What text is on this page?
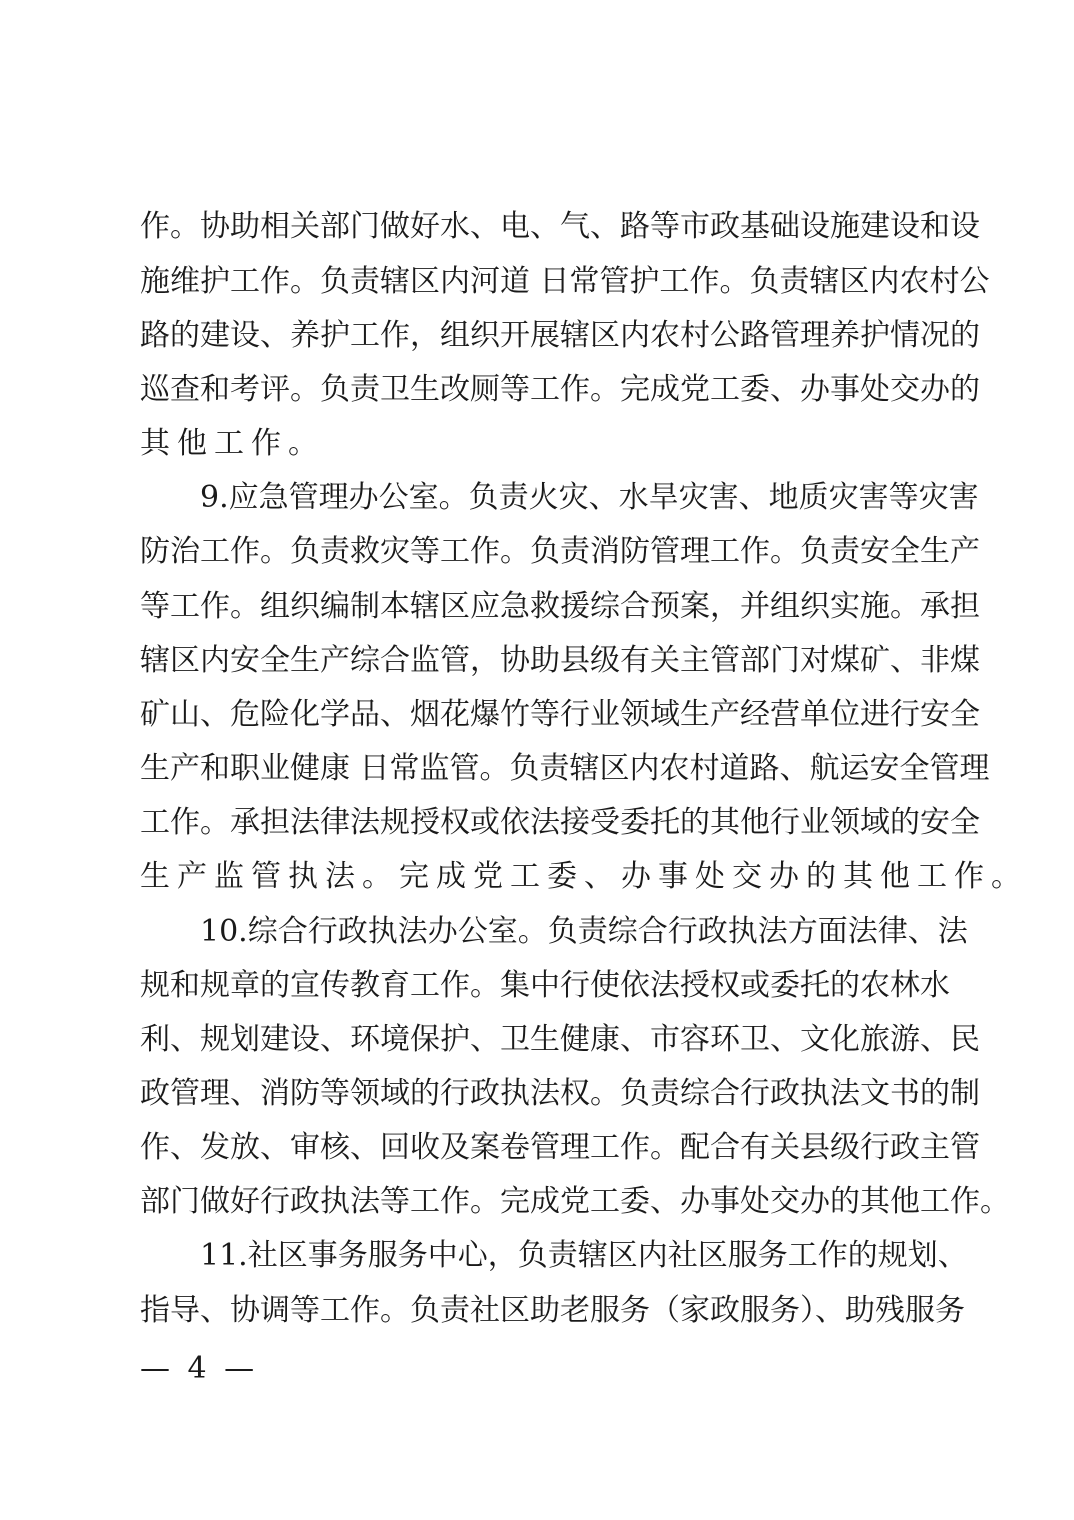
作。协助相关部门做好水、电、气、路等市政基础设施建设和设
施维护工作。负责辖区内河道 日常管护工作。负责辖区内农村公
路的建设、养护工作，组织开展辖区内农村公路管理养护情况的
巡查和考评。负责卫生改厕等工作。完成党工委、办事处交办的
其他工作。
9.应急管理办公室。负责火灾、水旱灾害、地质灾害等灾害
防治工作。负责救灾等工作。负责消防管理工作。负责安全生产
等工作。组织编制本辖区应急救援综合预案，并组织实施。承担
辖区内安全生产综合监管，协助县级有关主管部门对煤矿、非煤
矿山、危险化学品、烟花爆竹等行业领域生产经营单位进行安全
生产和职业健康 日常监管。负责辖区内农村道路、航运安全管理
工作。承担法律法规授权或依法接受委托的其他行业领域的安全
生产监管执法。完成党工委、办事处交办的其他工作。
10.综合行政执法办公室。负责综合行政执法方面法律、法
规和规章的宣传教育工作。集中行使依法授权或委托的农林水
利、规划建设、环境保护、卫生健康、市容环卫、文化旅游、民
政管理、消防等领域的行政执法权。负责综合行政执法文书的制
作、发放、审核、回收及案卷管理工作。配合有关县级行政主管
部门做好行政执法等工作。完成党工委、办事处交办的其他工作。
11.社区事务服务中心，负责辖区内社区服务工作的规划、
指导、协调等工作。负责社区助老服务（家政服务）、助残服务
— 4 —
